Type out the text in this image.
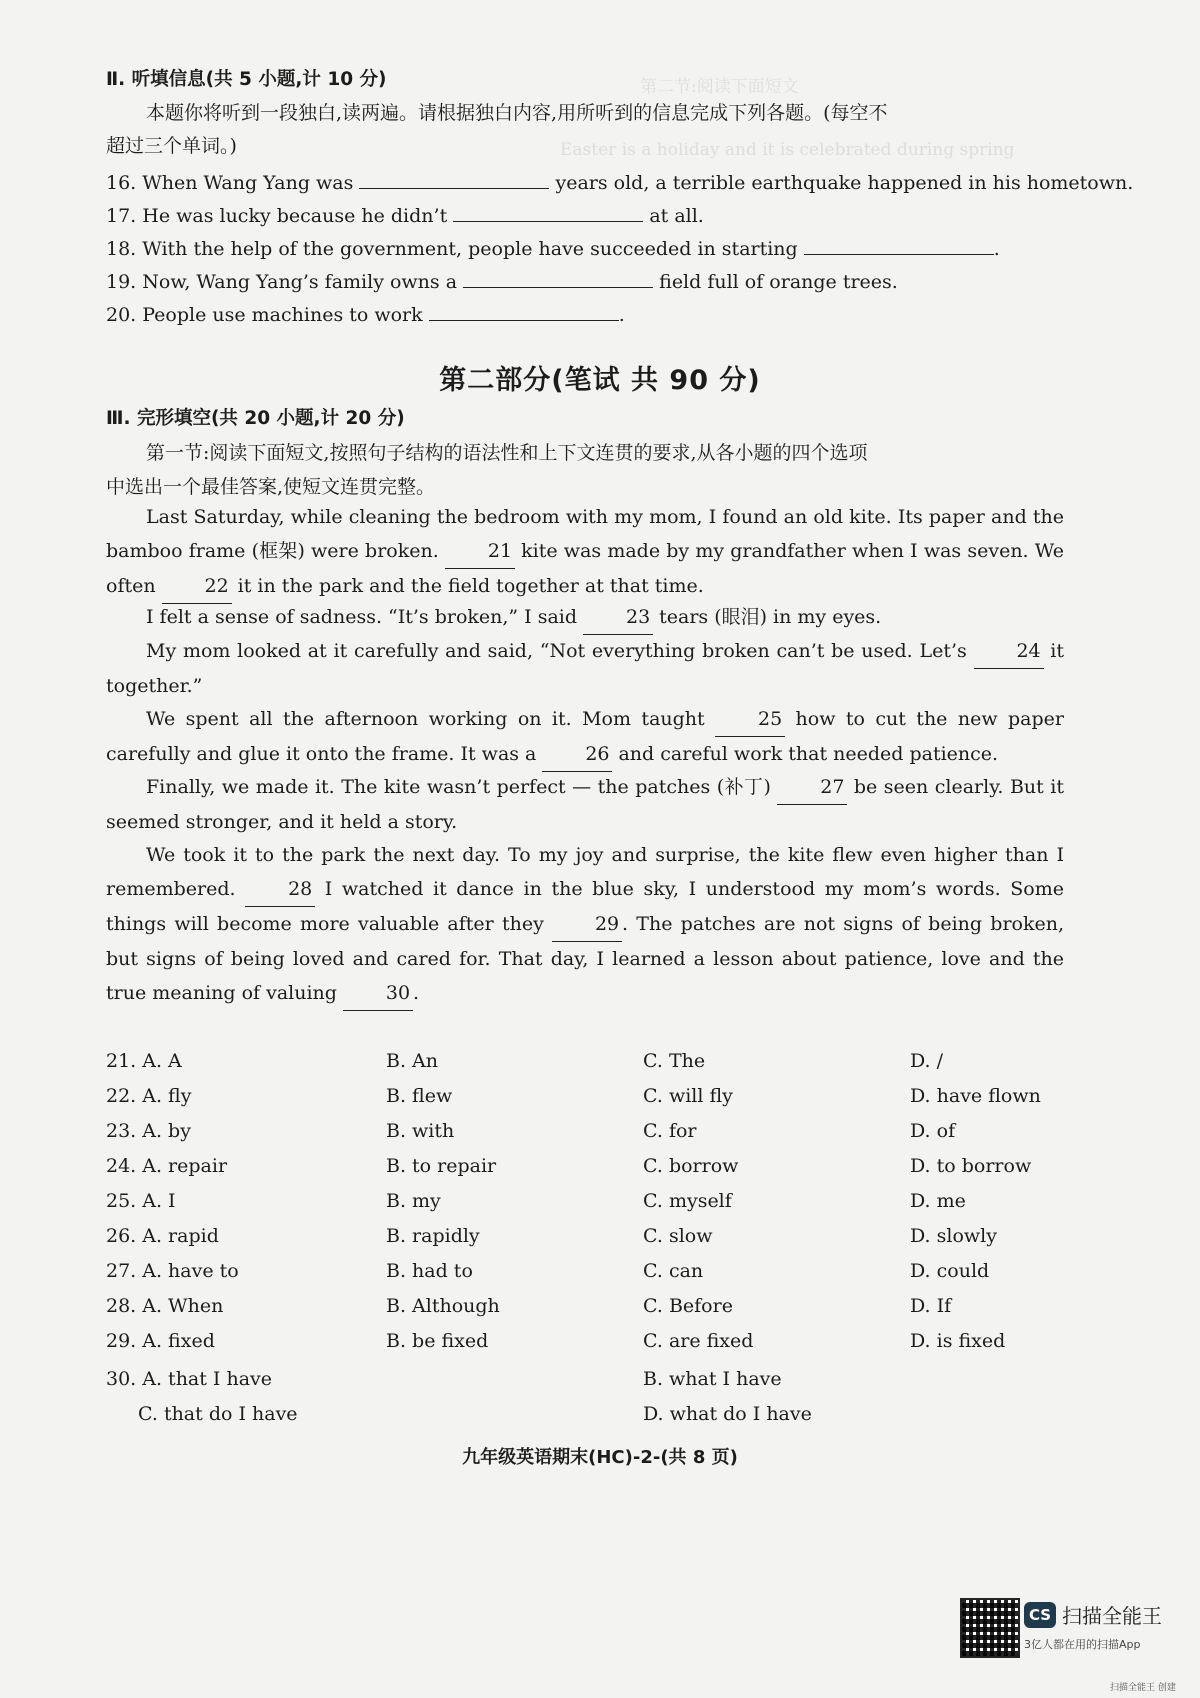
第二节:阅读下面短文
Easter is a holiday and it is celebrated during spring
Ⅱ. 听填信息(共 5 小题,计 10 分)
本题你将听到一段独白,读两遍。请根据独白内容,用所听到的信息完成下列各题。(每空不
超过三个单词。)
16. When Wang Yang was	years old, a terrible earthquake happened in his hometown.
17. He was lucky because he didn’t	at all.
18. With the help of the government, people have succeeded in starting	.
19. Now, Wang Yang’s family owns a	field full of orange trees.
20. People use machines to work	.
第二部分(笔试 共 90 分)
Ⅲ. 完形填空(共 20 小题,计 20 分)
第一节:阅读下面短文,按照句子结构的语法性和上下文连贯的要求,从各小题的四个选项
中选出一个最佳答案,使短文连贯完整。
Last Saturday, while cleaning the bedroom with my mom, I found an old kite. Its paper and the bamboo frame (框架) were broken. 21 kite was made by my grandfather when I was seven. We often 22 it in the park and the field together at that time.
I felt a sense of sadness. “It’s broken,” I said 23 tears (眼泪) in my eyes.
My mom looked at it carefully and said, “Not everything broken can’t be used. Let’s 24 it together.”
We spent all the afternoon working on it. Mom taught 25 how to cut the new paper carefully and glue it onto the frame. It was a 26 and careful work that needed patience.
Finally, we made it. The kite wasn’t perfect — the patches (补丁) 27 be seen clearly. But it seemed stronger, and it held a story.
We took it to the park the next day. To my joy and surprise, the kite flew even higher than I remembered. 28 I watched it dance in the blue sky, I understood my mom’s words. Some things will become more valuable after they 29 . The patches are not signs of being broken, but signs of being loved and cared for. That day, I learned a lesson about patience, love and the true meaning of valuing 30 .
21. A. A	B. An	C. The	D. /
22. A. fly	B. flew	C. will fly	D. have flown
23. A. by	B. with	C. for	D. of
24. A. repair	B. to repair	C. borrow	D. to borrow
25. A. I	B. my	C. myself	D. me
26. A. rapid	B. rapidly	C. slow	D. slowly
27. A. have to	B. had to	C. can	D. could
28. A. When	B. Although	C. Before	D. If
29. A. fixed	B. be fixed	C. are fixed	D. is fixed
30. A. that I have	B. what I have
C. that do I have	D. what do I have
九年级英语期末(HC)-2-(共 8 页)
CS 扫描全能王
3亿人都在用的扫描App
扫描全能王 创建
